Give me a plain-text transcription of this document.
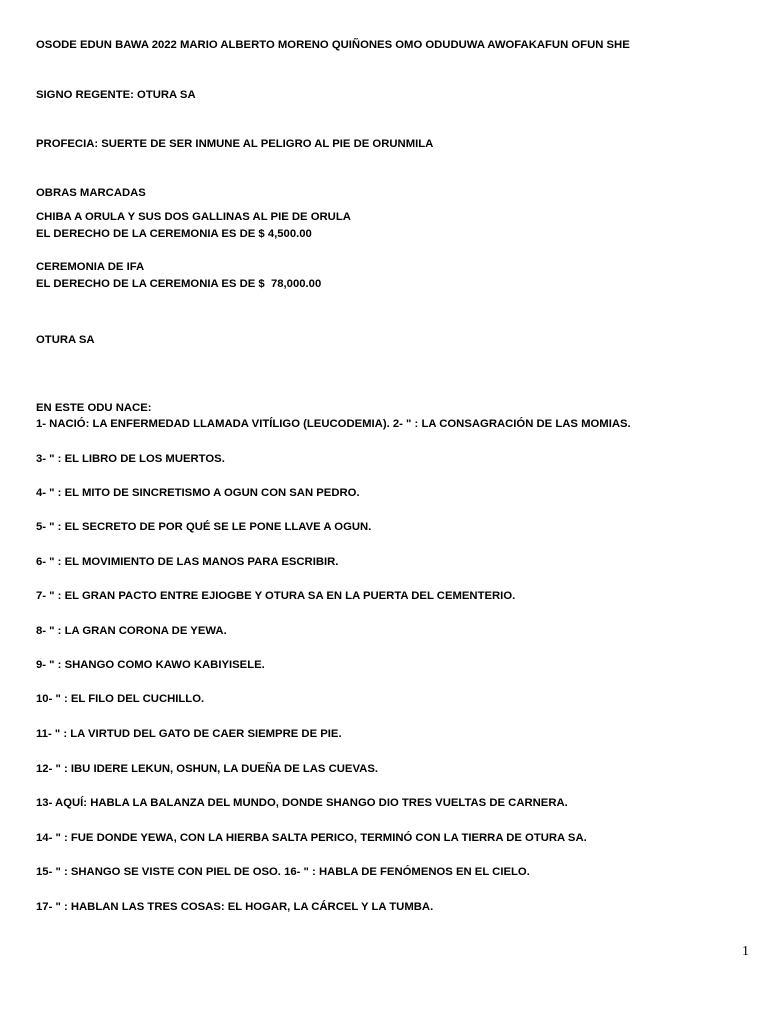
OSODE EDUN BAWA 2022 MARIO ALBERTO MORENO QUIÑONES OMO ODUDUWA AWOFAKAFUN OFUN SHE

SIGNO REGENTE: OTURA SA

PROFECIA: SUERTE DE SER INMUNE AL PELIGRO AL PIE DE ORUNMILA

OBRAS MARCADAS

CHIBA A ORULA Y SUS DOS GALLINAS AL PIE DE ORULA

EL DERECHO DE LA CEREMONIA ES DE $ 4,500.00

CEREMONIA DE IFA

EL DERECHO DE LA CEREMONIA ES DE $  78,000.00

OTURA SA

EN ESTE ODU NACE:

1- NACIÓ: LA ENFERMEDAD LLAMADA VITÍLIGO (LEUCODEMIA). 2- " : LA CONSAGRACIÓN DE LAS MOMIAS.

3- " : EL LIBRO DE LOS MUERTOS.

4- " : EL MITO DE SINCRETISMO A OGUN CON SAN PEDRO.

5- " : EL SECRETO DE POR QUÉ SE LE PONE LLAVE A OGUN.

6- " : EL MOVIMIENTO DE LAS MANOS PARA ESCRIBIR.

7- " : EL GRAN PACTO ENTRE EJIOGBE Y OTURA SA EN LA PUERTA DEL CEMENTERIO.

8- " : LA GRAN CORONA DE YEWA.

9- " : SHANGO COMO KAWO KABIYISELE.

10- " : EL FILO DEL CUCHILLO.

11- " : LA VIRTUD DEL GATO DE CAER SIEMPRE DE PIE.

12- " : IBU IDERE LEKUN, OSHUN, LA DUEÑA DE LAS CUEVAS.

13- AQUÍ: HABLA LA BALANZA DEL MUNDO, DONDE SHANGO DIO TRES VUELTAS DE CARNERA.

14- " : FUE DONDE YEWA, CON LA HIERBA SALTA PERICO, TERMINÓ CON LA TIERRA DE OTURA SA.

15- " : SHANGO SE VISTE CON PIEL DE OSO. 16- " : HABLA DE FENÓMENOS EN EL CIELO.

17- " : HABLAN LAS TRES COSAS: EL HOGAR, LA CÁRCEL Y LA TUMBA.

1
